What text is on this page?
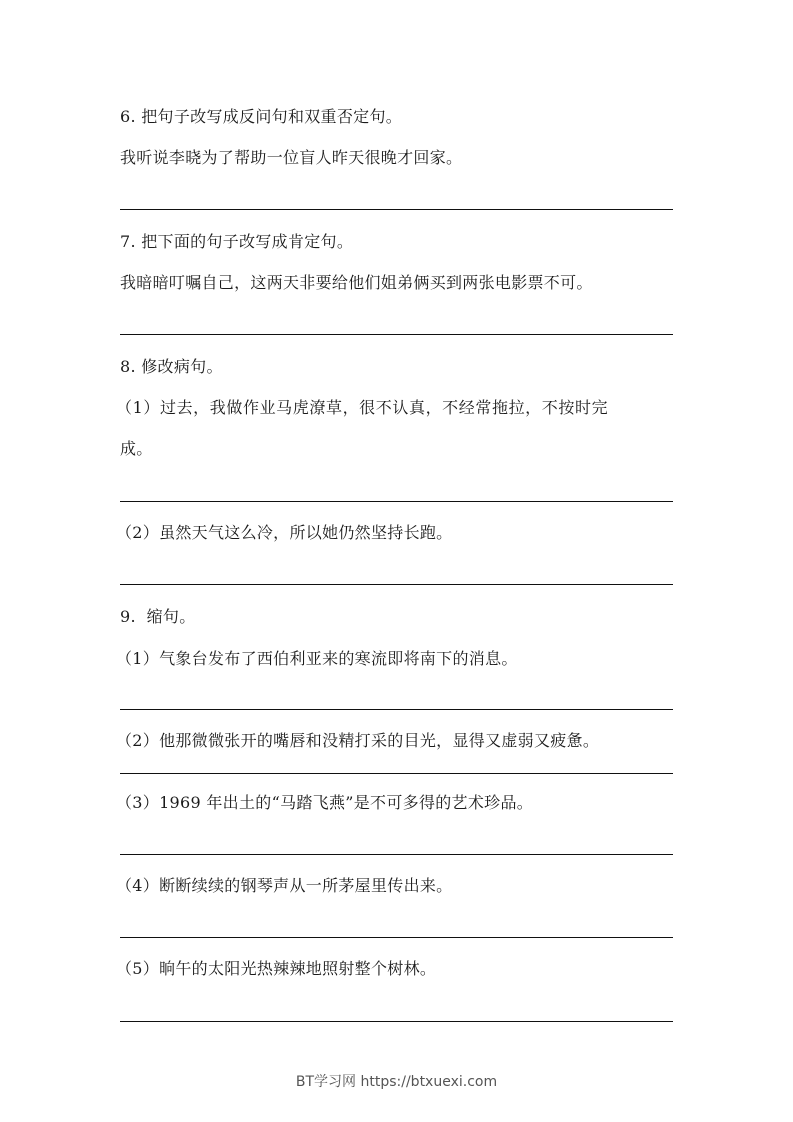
6. 把句子改写成反问句和双重否定句。
我听说李晓为了帮助一位盲人昨天很晚才回家。
7. 把下面的句子改写成肯定句。
我暗暗叮嘱自己，这两天非要给他们姐弟俩买到两张电影票不可。
8. 修改病句。
（1）过去，我做作业马虎潦草，很不认真，不经常拖拉，不按时完
成。
（2）虽然天气这么冷，所以她仍然坚持长跑。
9.  缩句。
（1）气象台发布了西伯利亚来的寒流即将南下的消息。
（2）他那微微张开的嘴唇和没精打采的目光，显得又虚弱又疲惫。
（3）1969 年出土的“马踏飞燕”是不可多得的艺术珍品。
（4）断断续续的钢琴声从一所茅屋里传出来。
（5）晌午的太阳光热辣辣地照射整个树林。
BT学习网 https://btxuexi.com
